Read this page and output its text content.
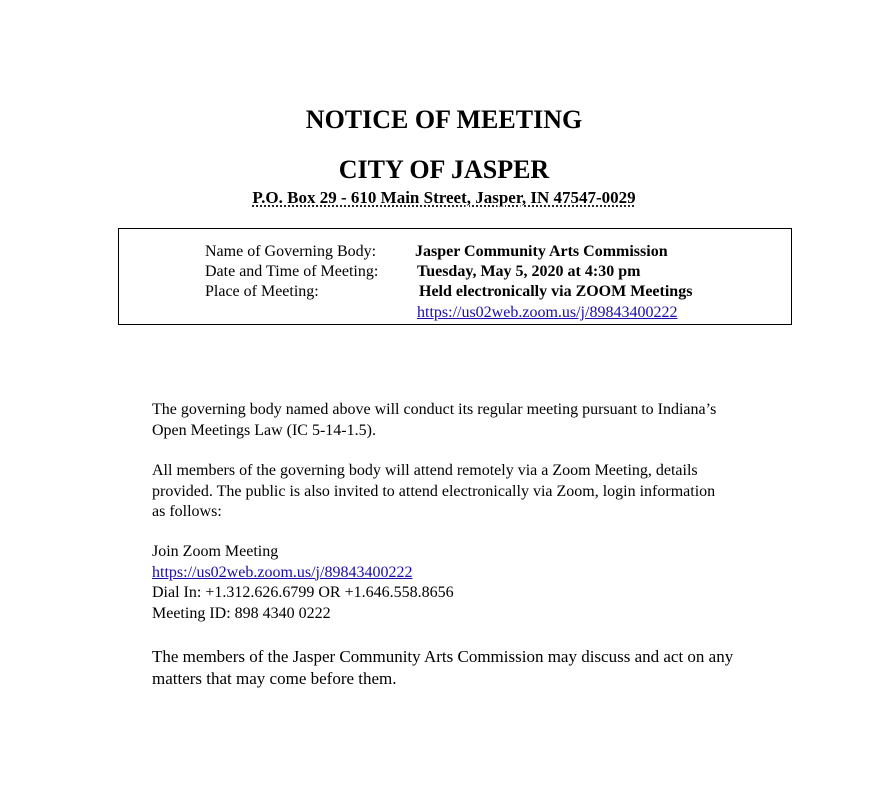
NOTICE OF MEETING
CITY OF JASPER
P.O. Box 29 - 610 Main Street, Jasper, IN 47547-0029
Name of Governing Body: Jasper Community Arts Commission
Date and Time of Meeting: Tuesday, May 5, 2020 at 4:30 pm
Place of Meeting:	Held electronically via ZOOM Meetings
https://us02web.zoom.us/j/89843400222
The governing body named above will conduct its regular meeting pursuant to Indiana’s
Open Meetings Law (IC 5-14-1.5).
All members of the governing body will attend remotely via a Zoom Meeting, details
provided. The public is also invited to attend electronically via Zoom, login information
as follows:
Join Zoom Meeting
https://us02web.zoom.us/j/89843400222
Dial In: +1.312.626.6799 OR +1.646.558.8656
Meeting ID: 898 4340 0222
The members of the Jasper Community Arts Commission may discuss and act on any
matters that may come before them.
